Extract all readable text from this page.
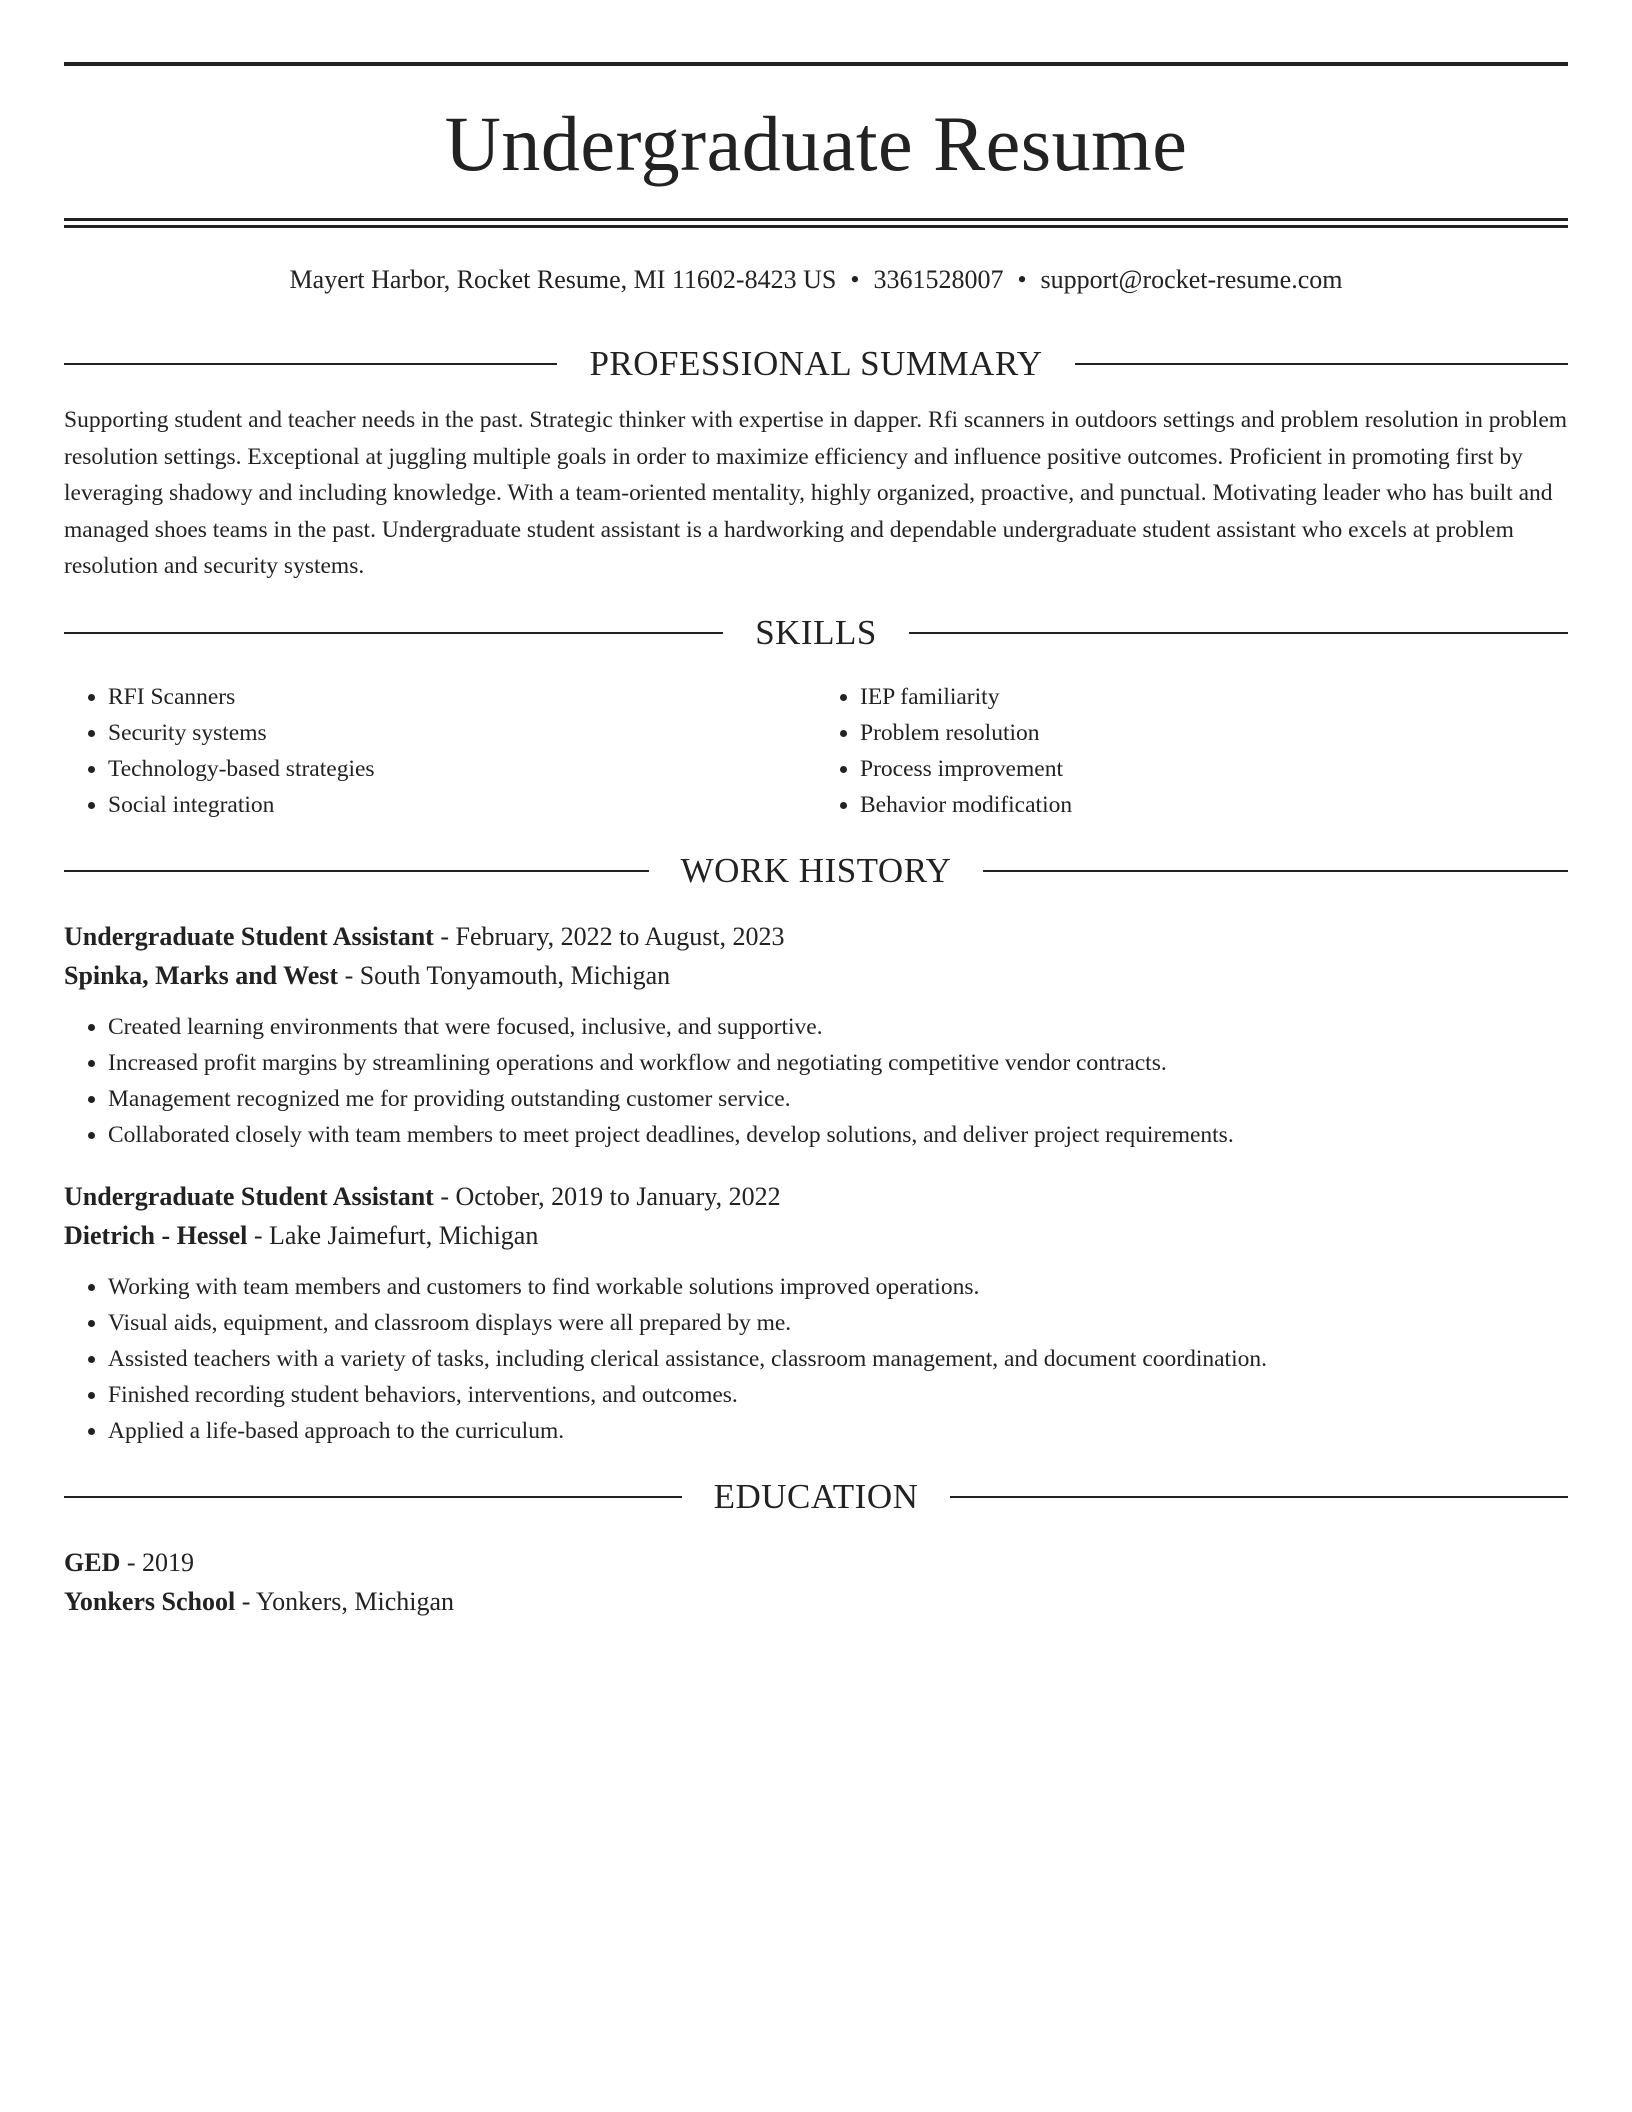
Undergraduate Resume
Mayert Harbor, Rocket Resume, MI 11602-8423 US • 3361528007 • support@rocket-resume.com
PROFESSIONAL SUMMARY

Supporting student and teacher needs in the past. Strategic thinker with expertise in dapper. Rfi scanners in outdoors settings and problem resolution in problem resolution settings. Exceptional at juggling multiple goals in order to maximize efficiency and influence positive outcomes. Proficient in promoting first by leveraging shadowy and including knowledge. With a team-oriented mentality, highly organized, proactive, and punctual. Motivating leader who has built and managed shoes teams in the past. Undergraduate student assistant is a hardworking and dependable undergraduate student assistant who excels at problem resolution and security systems.

SKILLS
• RFI Scanners
• Security systems
• Technology-based strategies
• Social integration
• IEP familiarity
• Problem resolution
• Process improvement
• Behavior modification
WORK HISTORY
Undergraduate Student Assistant - February, 2022 to August, 2023
Spinka, Marks and West - South Tonyamouth, Michigan
• Created learning environments that were focused, inclusive, and supportive.
• Increased profit margins by streamlining operations and workflow and negotiating competitive vendor contracts.
• Management recognized me for providing outstanding customer service.
• Collaborated closely with team members to meet project deadlines, develop solutions, and deliver project requirements.
Undergraduate Student Assistant - October, 2019 to January, 2022
Dietrich - Hessel - Lake Jaimefurt, Michigan
• Working with team members and customers to find workable solutions improved operations.
• Visual aids, equipment, and classroom displays were all prepared by me.
• Assisted teachers with a variety of tasks, including clerical assistance, classroom management, and document coordination.
• Finished recording student behaviors, interventions, and outcomes.
• Applied a life-based approach to the curriculum.
EDUCATION
GED - 2019
Yonkers School - Yonkers, Michigan
